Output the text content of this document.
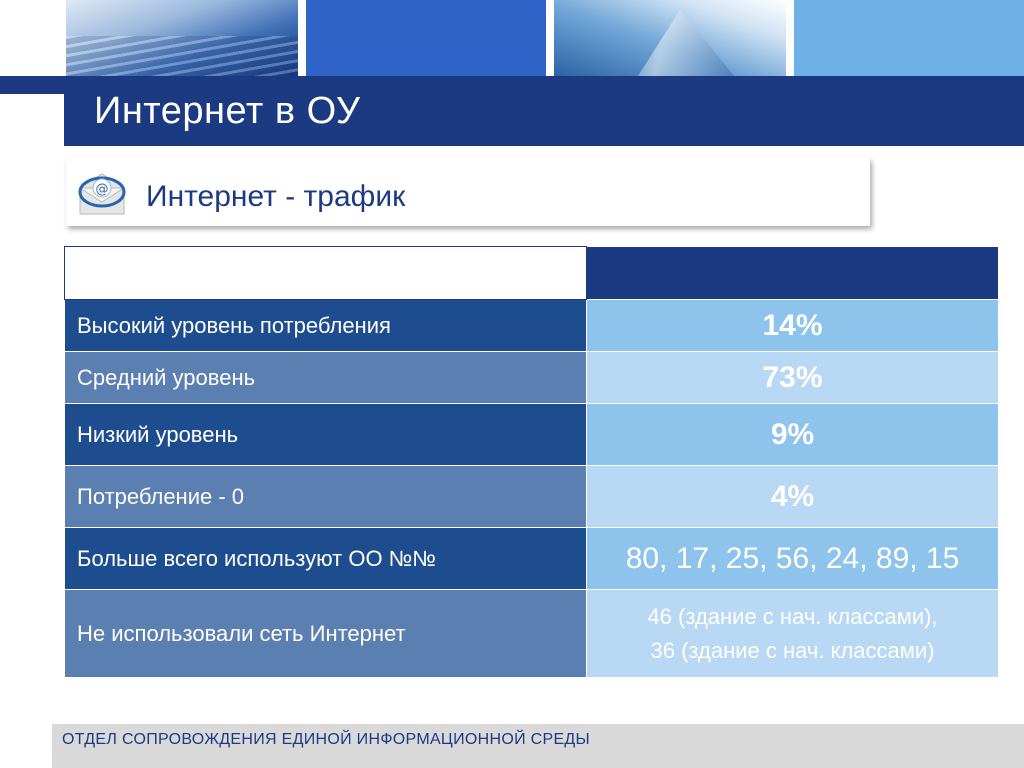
Интернет в ОУ
@ Интернет - трафик

Высокий уровень потребления	14%
Средний уровень	73%
Низкий уровень	9%
Потребление - 0	4%
Больше всего используют ОО №№	80, 17, 25, 56, 24, 89, 15
Не использовали сеть Интернет	46 (здание с нач. классами),
36 (здание с нач. классами)
ОТДЕЛ СОПРОВОЖДЕНИЯ ЕДИНОЙ ИНФОРМАЦИОННОЙ СРЕДЫ
